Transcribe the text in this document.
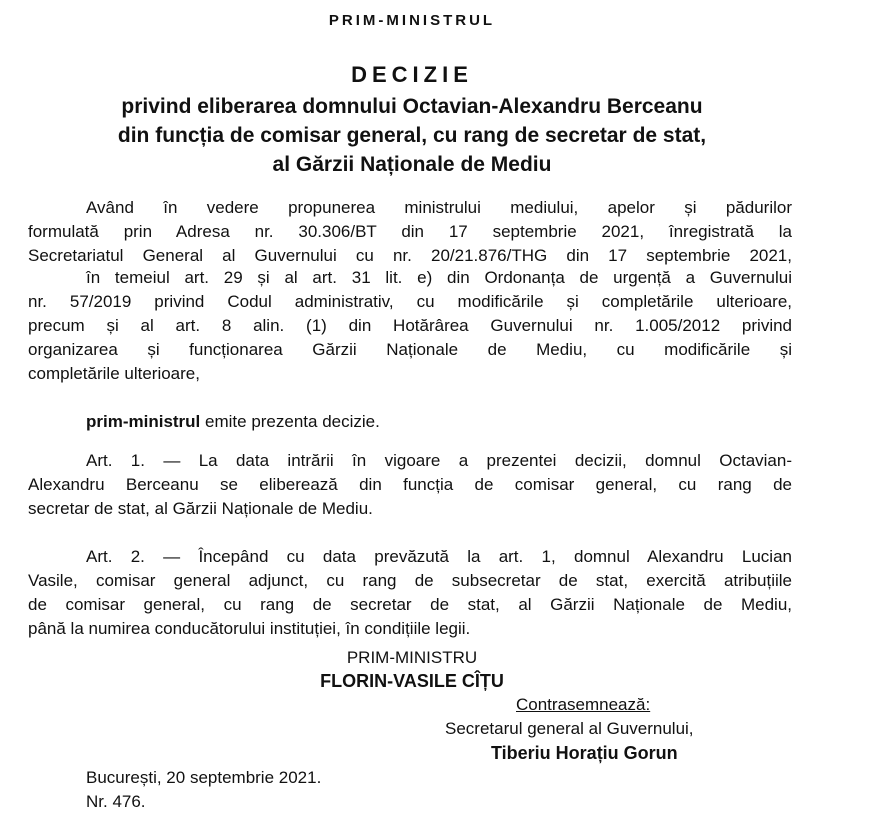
PRIM-MINISTRUL
DECIZIE
privind eliberarea domnului Octavian-Alexandru Berceanu
din funcția de comisar general, cu rang de secretar de stat,
al Gărzii Naționale de Mediu
Având în vedere propunerea ministrului mediului, apelor și pădurilor
formulată prin Adresa nr. 30.306/BT din 17 septembrie 2021, înregistrată la
Secretariatul General al Guvernului cu nr. 20/21.876/THG din 17 septembrie 2021,
în temeiul art. 29 și al art. 31 lit. e) din Ordonanța de urgență a Guvernului
nr. 57/2019 privind Codul administrativ, cu modificările și completările ulterioare,
precum și al art. 8 alin. (1) din Hotărârea Guvernului nr. 1.005/2012 privind
organizarea și funcționarea Gărzii Naționale de Mediu, cu modificările și
completările ulterioare,
prim-ministrul emite prezenta decizie.
Art. 1. — La data intrării în vigoare a prezentei decizii, domnul Octavian-
Alexandru Berceanu se eliberează din funcția de comisar general, cu rang de
secretar de stat, al Gărzii Naționale de Mediu.
Art. 2. — Începând cu data prevăzută la art. 1, domnul Alexandru Lucian
Vasile, comisar general adjunct, cu rang de subsecretar de stat, exercită atribuțiile
de comisar general, cu rang de secretar de stat, al Gărzii Naționale de Mediu,
până la numirea conducătorului instituției, în condițiile legii.
PRIM-MINISTRU
FLORIN-VASILE CÎȚU
Contrasemnează:
Secretarul general al Guvernului,
Tiberiu Horațiu Gorun
București, 20 septembrie 2021.
Nr. 476.
